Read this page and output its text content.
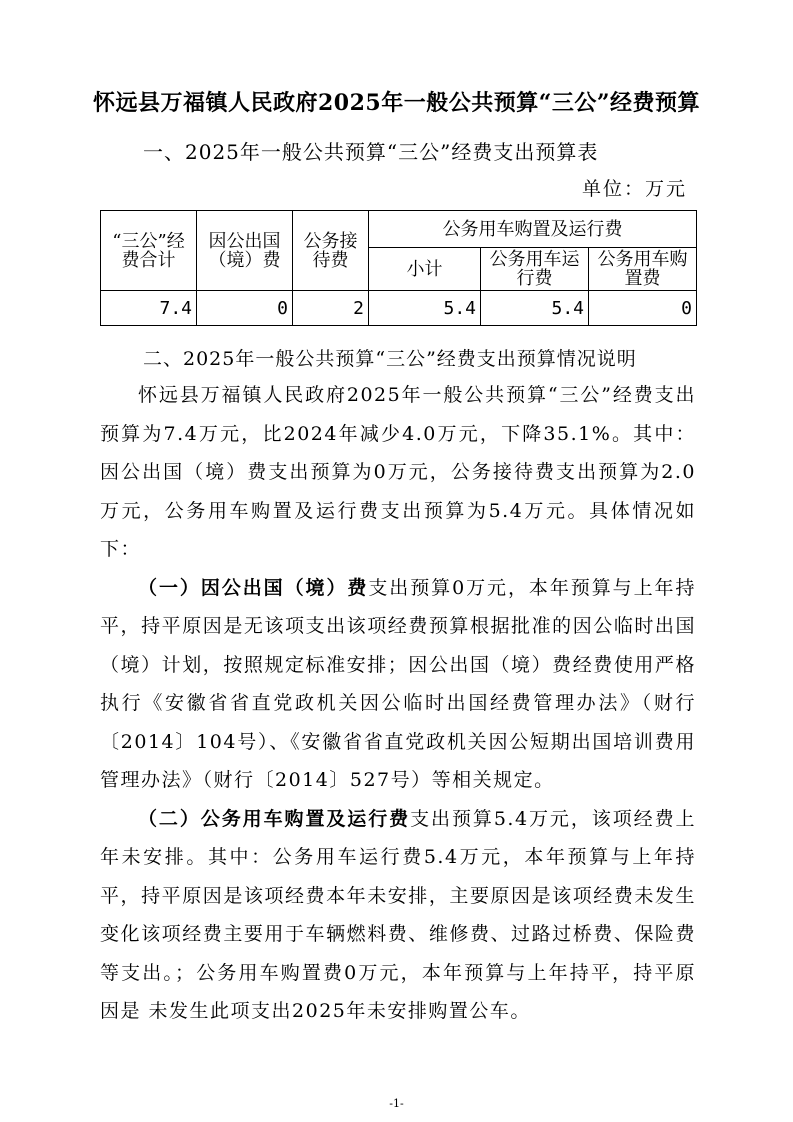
怀远县万福镇人民政府2025年一般公共预算“三公”经费预算
一、2025年一般公共预算“三公”经费支出预算表
单位：万元
“三公”经费合计	因公出国（境）费	公务接待费	公务用车购置及运行费		
			小计	公务用车运行费	公务用车购置费
7.4	0	2	5.4	5.4	0
二、2025年一般公共预算“三公”经费支出预算情况说明

怀远县万福镇人民政府2025年一般公共预算“三公”经费支出预算为7.4万元，比2024年减少4.0万元，下降35.1%。其中：因公出国（境）费支出预算为0万元，公务接待费支出预算为2.0万元，公务用车购置及运行费支出预算为5.4万元。具体情况如下：

（一）因公出国（境）费支出预算0万元，本年预算与上年持平，持平原因是无该项支出该项经费预算根据批准的因公临时出国（境）计划，按照规定标准安排；因公出国（境）费经费使用严格执行《安徽省省直党政机关因公临时出国经费管理办法》（财行〔2014〕104号）、《安徽省省直党政机关因公短期出国培训费用管理办法》（财行〔2014〕527号）等相关规定。

（二）公务用车购置及运行费支出预算5.4万元，该项经费上年未安排。其中：公务用车运行费5.4万元，本年预算与上年持平，持平原因是该项经费本年未安排，主要原因是该项经费未发生变化该项经费主要用于车辆燃料费、维修费、过路过桥费、保险费等支出。；公务用车购置费0万元，本年预算与上年持平，持平原因是 未发生此项支出2025年未安排购置公车。

-1-
